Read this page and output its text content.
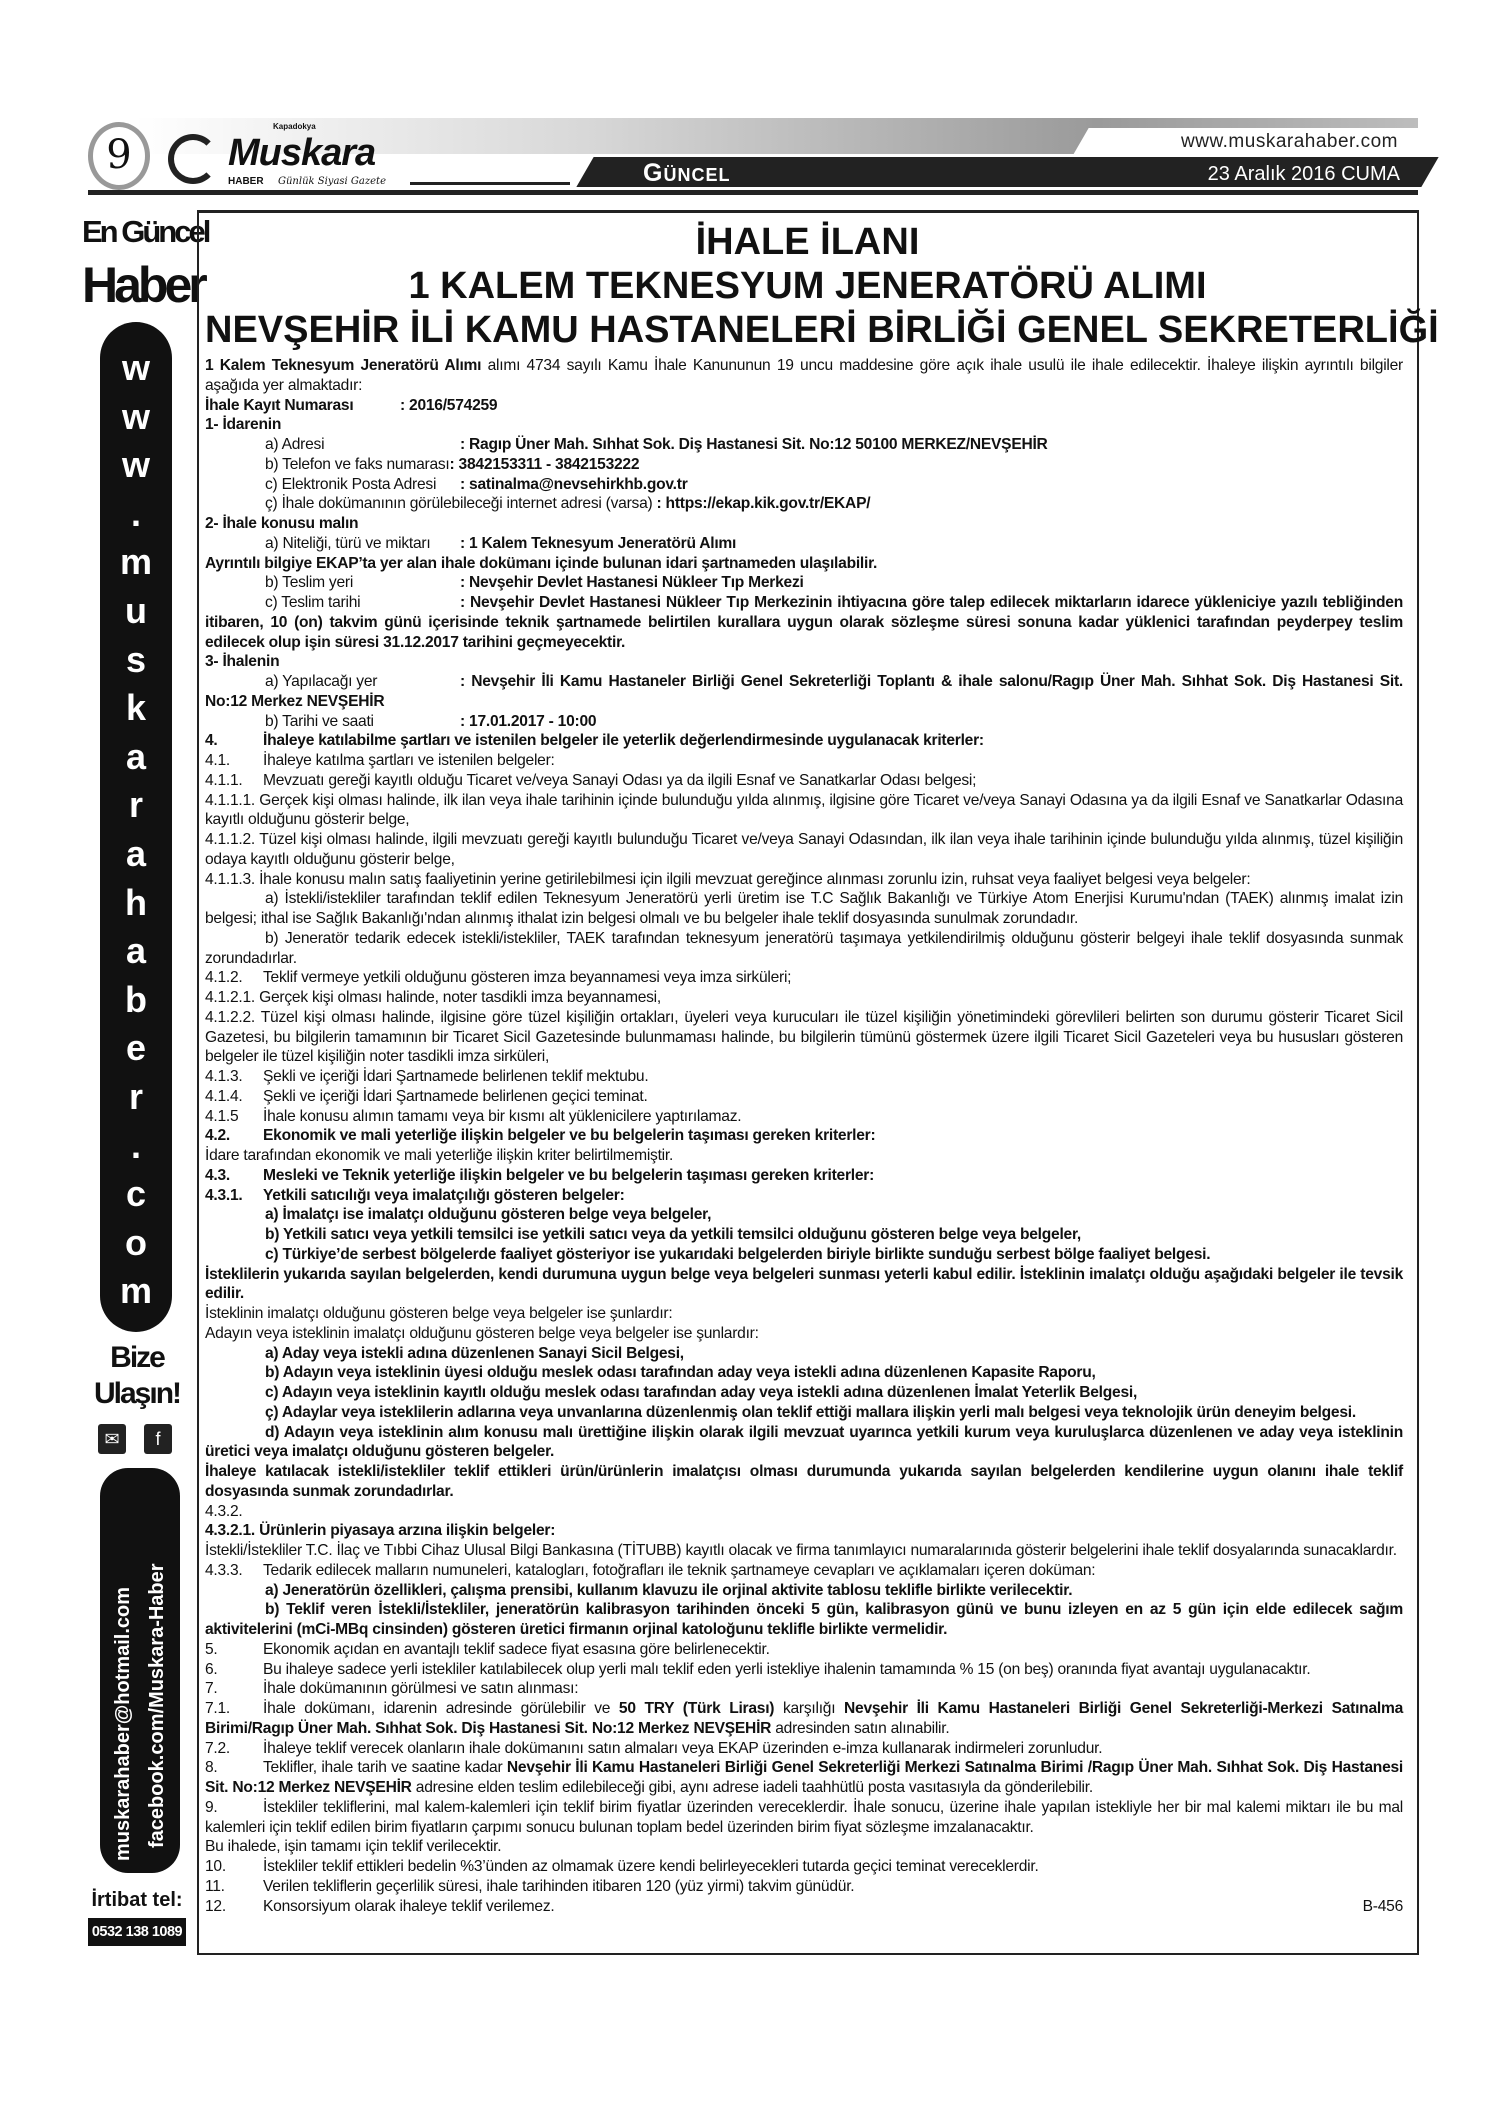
www.muskarahaber.com
Güncel	23 Aralık 2016 CUMA
9
Kapadokya
Muskara
HABER Günlük Siyasi Gazete
En Güncel
Haber
w
w
w
.
m
u
s
k
a
r
a
h
a
b
e
r
.
c
o
m
Bize
Ulaşın!
✉	f
muskarahaber@hotmail.com facebook.com/Muskara-Haber
İrtibat tel:
0532 138 1089
İHALE İLANI
1 KALEM TEKNESYUM JENERATÖRÜ ALIMI
NEVŞEHİR İLİ KAMU HASTANELERİ BİRLİĞİ GENEL SEKRETERLİĞİ

1 Kalem Teknesyum Jeneratörü Alımı alımı 4734 sayılı Kamu İhale Kanununun 19 uncu maddesine göre açık ihale usulü ile ihale edilecektir. İhaleye ilişkin ayrıntılı bilgiler aşağıda yer almaktadır:

İhale Kayıt Numarası	: 2016/574259

1- İdarenin

a) Adresi	: Ragıp Üner Mah. Sıhhat Sok. Diş Hastanesi Sit. No:12 50100 MERKEZ/NEVŞEHİR

b) Telefon ve faks numarası: 3842153311 - 3842153222

c) Elektronik Posta Adresi : satinalma@nevsehirkhb.gov.tr

ç) İhale dokümanının görülebileceği internet adresi (varsa) : https://ekap.kik.gov.tr/EKAP/

2- İhale konusu malın

a) Niteliği, türü ve miktarı : 1 Kalem Teknesyum Jeneratörü Alımı

Ayrıntılı bilgiye EKAP’ta yer alan ihale dokümanı içinde bulunan idari şartnameden ulaşılabilir.

b) Teslim yeri	: Nevşehir Devlet Hastanesi Nükleer Tıp Merkezi

c) Teslim tarihi	: Nevşehir Devlet Hastanesi Nükleer Tıp Merkezinin ihtiyacına göre talep edilecek miktarların idarece yükleniciye yazılı tebliğinden itibaren, 10 (on) takvim günü içerisinde teknik şartnamede belirtilen kurallara uygun olarak sözleşme süresi sonuna kadar yüklenici tarafından peyderpey teslim edilecek olup işin süresi 31.12.2017 tarihini geçmeyecektir.

3- İhalenin

a) Yapılacağı yer	: Nevşehir İli Kamu Hastaneler Birliği Genel Sekreterliği Toplantı & ihale salonu/Ragıp Üner Mah. Sıhhat Sok. Diş Hastanesi Sit. No:12 Merkez NEVŞEHİR

b) Tarihi ve saati	: 17.01.2017 - 10:00

4.	İhaleye katılabilme şartları ve istenilen belgeler ile yeterlik değerlendirmesinde uygulanacak kriterler:

4.1. İhaleye katılma şartları ve istenilen belgeler:

4.1.1. Mevzuatı gereği kayıtlı olduğu Ticaret ve/veya Sanayi Odası ya da ilgili Esnaf ve Sanatkarlar Odası belgesi;

4.1.1.1. Gerçek kişi olması halinde, ilk ilan veya ihale tarihinin içinde bulunduğu yılda alınmış, ilgisine göre Ticaret ve/veya Sanayi Odasına ya da ilgili Esnaf ve Sanatkarlar Odasına kayıtlı olduğunu gösterir belge,

4.1.1.2. Tüzel kişi olması halinde, ilgili mevzuatı gereği kayıtlı bulunduğu Ticaret ve/veya Sanayi Odasından, ilk ilan veya ihale tarihinin içinde bulunduğu yılda alınmış, tüzel kişiliğin odaya kayıtlı olduğunu gösterir belge,

4.1.1.3. İhale konusu malın satış faaliyetinin yerine getirilebilmesi için ilgili mevzuat gereğince alınması zorunlu izin, ruhsat veya faaliyet belgesi veya belgeler:

a) İstekli/istekliler tarafından teklif edilen Teknesyum Jeneratörü yerli üretim ise T.C Sağlık Bakanlığı ve Türkiye Atom Enerjisi Kurumu'ndan (TAEK) alınmış imalat izin belgesi; ithal ise Sağlık Bakanlığı'ndan alınmış ithalat izin belgesi olmalı ve bu belgeler ihale teklif dosyasında sunulmak zorundadır.

b) Jeneratör tedarik edecek istekli/istekliler, TAEK tarafından teknesyum jeneratörü taşımaya yetkilendirilmiş olduğunu gösterir belgeyi ihale teklif dosyasında sunmak zorundadırlar.

4.1.2. Teklif vermeye yetkili olduğunu gösteren imza beyannamesi veya imza sirküleri;

4.1.2.1. Gerçek kişi olması halinde, noter tasdikli imza beyannamesi,

4.1.2.2. Tüzel kişi olması halinde, ilgisine göre tüzel kişiliğin ortakları, üyeleri veya kurucuları ile tüzel kişiliğin yönetimindeki görevlileri belirten son durumu gösterir Ticaret Sicil Gazetesi, bu bilgilerin tamamının bir Ticaret Sicil Gazetesinde bulunmaması halinde, bu bilgilerin tümünü göstermek üzere ilgili Ticaret Sicil Gazeteleri veya bu hususları gösteren belgeler ile tüzel kişiliğin noter tasdikli imza sirküleri,

4.1.3. Şekli ve içeriği İdari Şartnamede belirlenen teklif mektubu.

4.1.4. Şekli ve içeriği İdari Şartnamede belirlenen geçici teminat.

4.1.5 İhale konusu alımın tamamı veya bir kısmı alt yüklenicilere yaptırılamaz.

4.2. Ekonomik ve mali yeterliğe ilişkin belgeler ve bu belgelerin taşıması gereken kriterler:

İdare tarafından ekonomik ve mali yeterliğe ilişkin kriter belirtilmemiştir.

4.3. Mesleki ve Teknik yeterliğe ilişkin belgeler ve bu belgelerin taşıması gereken kriterler:

4.3.1. Yetkili satıcılığı veya imalatçılığı gösteren belgeler:

a) İmalatçı ise imalatçı olduğunu gösteren belge veya belgeler,

b) Yetkili satıcı veya yetkili temsilci ise yetkili satıcı veya da yetkili temsilci olduğunu gösteren belge veya belgeler,

c) Türkiye’de serbest bölgelerde faaliyet gösteriyor ise yukarıdaki belgelerden biriyle birlikte sunduğu serbest bölge faaliyet belgesi.

İsteklilerin yukarıda sayılan belgelerden, kendi durumuna uygun belge veya belgeleri sunması yeterli kabul edilir. İsteklinin imalatçı olduğu aşağıdaki belgeler ile tevsik edilir.

İsteklinin imalatçı olduğunu gösteren belge veya belgeler ise şunlardır:

Adayın veya isteklinin imalatçı olduğunu gösteren belge veya belgeler ise şunlardır:

a) Aday veya istekli adına düzenlenen Sanayi Sicil Belgesi,

b) Adayın veya isteklinin üyesi olduğu meslek odası tarafından aday veya istekli adına düzenlenen Kapasite Raporu,

c) Adayın veya isteklinin kayıtlı olduğu meslek odası tarafından aday veya istekli adına düzenlenen İmalat Yeterlik Belgesi,

ç) Adaylar veya isteklilerin adlarına veya unvanlarına düzenlenmiş olan teklif ettiği mallara ilişkin yerli malı belgesi veya teknolojik ürün deneyim belgesi.

d) Adayın veya isteklinin alım konusu malı ürettiğine ilişkin olarak ilgili mevzuat uyarınca yetkili kurum veya kuruluşlarca düzenlenen ve aday veya isteklinin üretici veya imalatçı olduğunu gösteren belgeler.

İhaleye katılacak istekli/istekliler teklif ettikleri ürün/ürünlerin imalatçısı olması durumunda yukarıda sayılan belgelerden kendilerine uygun olanını ihale teklif dosyasında sunmak zorundadırlar.

4.3.2.

4.3.2.1. Ürünlerin piyasaya arzına ilişkin belgeler:

İstekli/İstekliler T.C. İlaç ve Tıbbi Cihaz Ulusal Bilgi Bankasına (TİTUBB) kayıtlı olacak ve firma tanımlayıcı numaralarınıda gösterir belgelerini ihale teklif dosyalarında sunacaklardır.

4.3.3. Tedarik edilecek malların numuneleri, katalogları, fotoğrafları ile teknik şartnameye cevapları ve açıklamaları içeren doküman:

a) Jeneratörün özellikleri, çalışma prensibi, kullanım klavuzu ile orjinal aktivite tablosu teklifle birlikte verilecektir.

b) Teklif veren İstekli/İstekliler, jeneratörün kalibrasyon tarihinden önceki 5 gün, kalibrasyon günü ve bunu izleyen en az 5 gün için elde edilecek sağım aktivitelerini (mCi-MBq cinsinden) gösteren üretici firmanın orjinal katoloğunu teklifle birlikte vermelidir.

5.	Ekonomik açıdan en avantajlı teklif sadece fiyat esasına göre belirlenecektir.

6.	Bu ihaleye sadece yerli istekliler katılabilecek olup yerli malı teklif eden yerli istekliye ihalenin tamamında % 15 (on beş) oranında fiyat avantajı uygulanacaktır.

7.	İhale dokümanının görülmesi ve satın alınması:

7.1. İhale dokümanı, idarenin adresinde görülebilir ve 50 TRY (Türk Lirası) karşılığı Nevşehir İli Kamu Hastaneleri Birliği Genel Sekreterliği-Merkezi Satınalma Birimi/Ragıp Üner Mah. Sıhhat Sok. Diş Hastanesi Sit. No:12 Merkez NEVŞEHİR adresinden satın alınabilir.

7.2. İhaleye teklif verecek olanların ihale dokümanını satın almaları veya EKAP üzerinden e-imza kullanarak indirmeleri zorunludur.

8.	Teklifler, ihale tarih ve saatine kadar Nevşehir İli Kamu Hastaneleri Birliği Genel Sekreterliği Merkezi Satınalma Birimi /Ragıp Üner Mah. Sıhhat Sok. Diş Hastanesi Sit. No:12 Merkez NEVŞEHİR adresine elden teslim edilebileceği gibi, aynı adrese iadeli taahhütlü posta vasıtasıyla da gönderilebilir.

9.	İstekliler tekliflerini, mal kalem-kalemleri için teklif birim fiyatlar üzerinden vereceklerdir. İhale sonucu, üzerine ihale yapılan istekliyle her bir mal kalemi miktarı ile bu mal kalemleri için teklif edilen birim fiyatların çarpımı sonucu bulunan toplam bedel üzerinden birim fiyat sözleşme imzalanacaktır.

Bu ihalede, işin tamamı için teklif verilecektir.

10. İstekliler teklif ettikleri bedelin %3’ünden az olmamak üzere kendi belirleyecekleri tutarda geçici teminat vereceklerdir.

11. Verilen tekliflerin geçerlilik süresi, ihale tarihinden itibaren 120 (yüz yirmi) takvim günüdür.

12. Konsorsiyum olarak ihaleye teklif verilemez.	B-456
